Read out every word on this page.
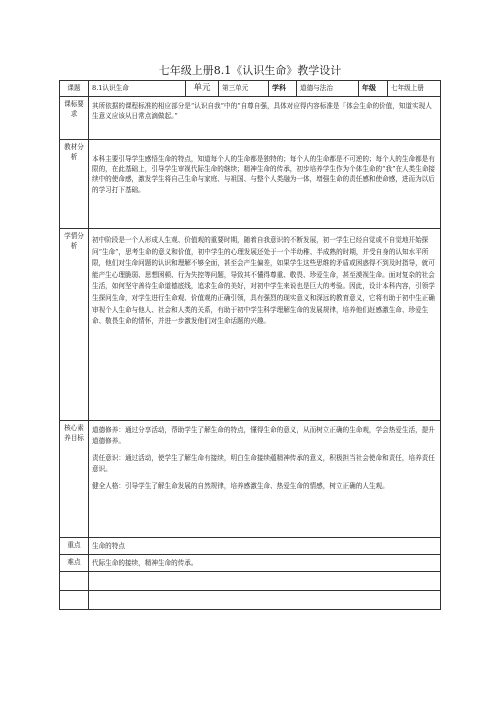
七年级上册8.1《认识生命》教学设计
课题	8.1认识生命	单元	第三单元	学科	道德与法治	年级	七年级上册
课标要求	其所依据的课程标准的相应部分是“认识自我”中的“自尊自强，具体对应得内容标准是「体会生命的价值，知道实现人生意义应该从日常点滴做起。”						
教材分析	本科主要引导学生感悟生命的特点，知道每个人的生命都是独特的；每个人的生命都是不可逆的；每个人的生命都是有限的，在此基础上，引导学生审视代际生命的继续；精神生命的传承，初步培养学生作为个体生命的“我”在人类生命接续中的使命感，激发学生将自己生命与家庭、与祖国、与整个人类融为一体，增强生命的责任感和使命感，进而为以后的学习打下基础。						
学情分析	初中阶段是一个人形成人生观、价值观的重要时期，随着自我意识的不断发展，初一学生已经自觉或不自觉地开始探问“生命”，思考生命的意义和价值，初中学生的心理发展还处于一个半幼稚、半成熟的时期，并受自身的认知水平所限，他们对生命问题的认识和理解不够全面，甚至会产生偏差，如果学生这些思维的矛盾或困惑得不到及时指导，就可能产生心理脆弱、思想困顿、行为失控等问题，导致其不懂得尊重、敬畏、珍爱生命，甚至漠视生命。面对复杂的社会生活，如何坚守善待生命道德底线，追求生命的美好，对初中学生来说也是巨大的考验。因此，设计本科内容，引领学生探问生命，对学生进行生命观、价值观的正确引领，具有强烈的现实意义和深远的教育意义，它将有助于初中生正确审视个人生命与他人、社会和人类的关系，有助于初中学生科学理解生命的发展规律，培养他们赶感激生命、珍爱生命、敬畏生命的情怀，并进一步激发他们对生命话题的兴趣。						
核心素养目标	道德修养：通过分享活动，帮助学生了解生命的特点，懂得生命的意义，从而树立正确的生命观，学会热爱生活，提升道德修养。

责任意识：通过活动，使学生了解生命有接续，明白生命接续蕴精神传承的意义，积极担当社会使命和责任，培养责任意识。

健全人格：引导学生了解生命发展的自然规律，培养感激生命、热爱生命的情感，树立正确的人生观。						

重点	生命的特点						
难点	代际生命的接续，精神生命的传承。						
